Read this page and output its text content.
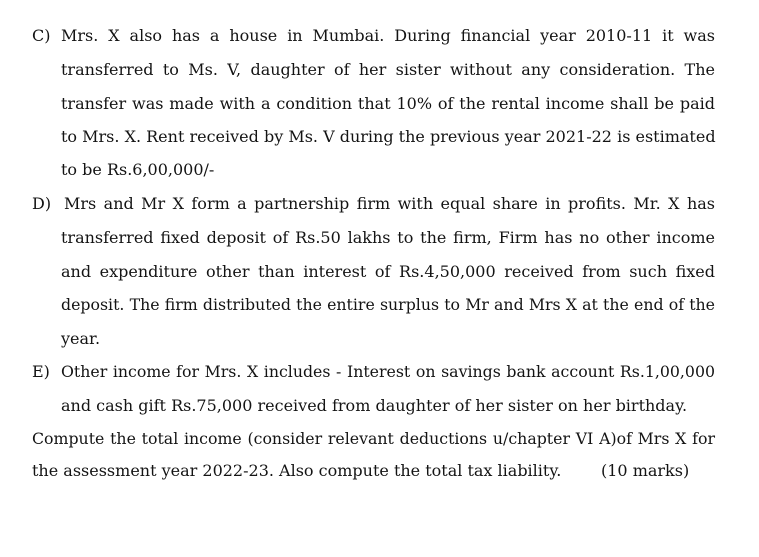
C) Mrs. X also has a house in Mumbai. During financial year 2010-11 it was
transferred to Ms. V, daughter of her sister without any consideration. The
transfer was made with a condition that 10% of the rental income shall be paid
to Mrs. X. Rent received by Ms. V during the previous year 2021-22 is estimated
to be Rs.6,00,000/-
D) Mrs and Mr X form a partnership firm with equal share in profits. Mr. X has
transferred fixed deposit of Rs.50 lakhs to the firm, Firm has no other income
and expenditure other than interest of Rs.4,50,000 received from such fixed
deposit. The firm distributed the entire surplus to Mr and Mrs X at the end of the
year.
E) Other income for Mrs. X includes - Interest on savings bank account Rs.1,00,000
and cash gift Rs.75,000 received from daughter of her sister on her birthday.
Compute the total income (consider relevant deductions u/chapter VI A)of Mrs X for
the assessment year 2022-23. Also compute the total tax liability. (10 marks)
